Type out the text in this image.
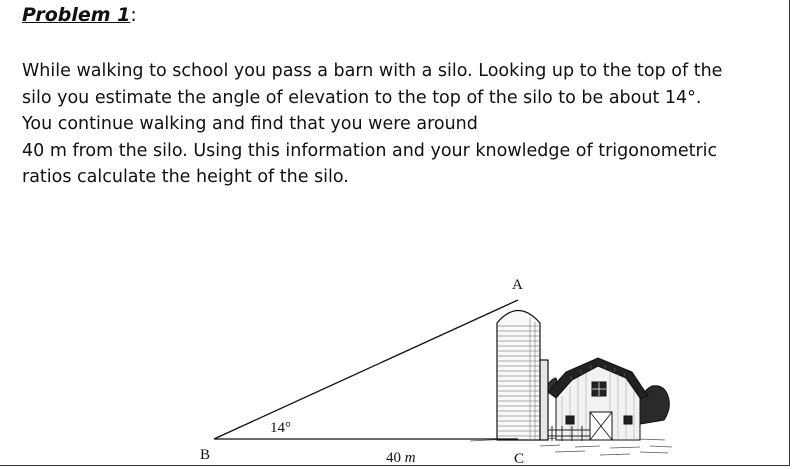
Problem 1:

While walking to school you pass a barn with a silo. Looking up to the top of the
silo you estimate the angle of elevation to the top of the silo to be about 14°.
You continue walking and find that you were around
40 m from the silo. Using this information and your knowledge of trigonometric
ratios calculate the height of the silo.

A
B	C
14°
40 m
